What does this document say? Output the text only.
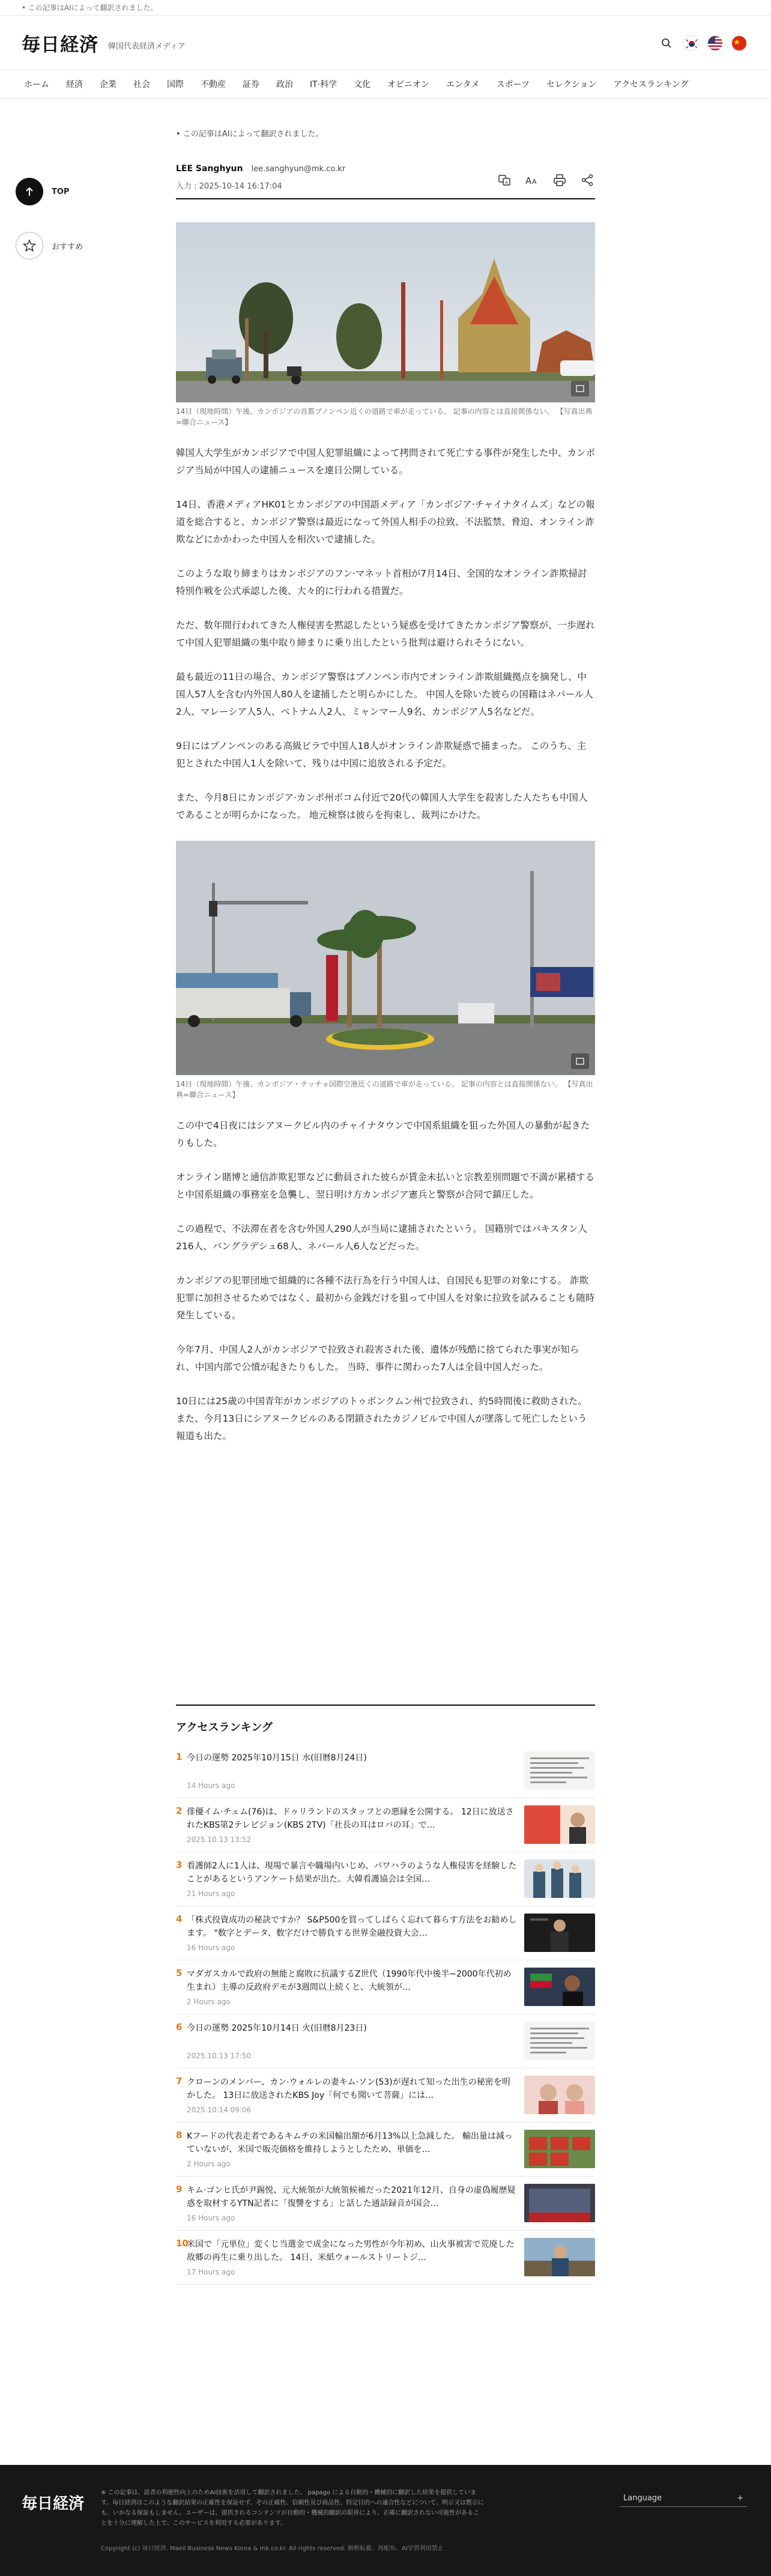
• この記事はAIによって翻訳されました。
毎日経済 韓国代表経済メディア
ホーム 経済 企業 社会 国際 不動産 証券 政治 IT·科学 文化 オピニオン エンタメ スポーツ セレクション アクセスランキング
TOP
おすすめ
• この記事はAIによって翻訳されました。
LEE Sanghyun lee.sanghyun@mk.co.kr
入力 : 2025-10-14 16:17:04	A A A
14日（現地時間）午後、カンボジアの首都プノンペン近くの道路で車が走っている。 記事の内容とは直接関係ない。 【写真出典=聯合ニュース】

韓国人大学生がカンボジアで中国人犯罪組織によって拷問されて死亡する事件が発生した中、カンボジア当局が中国人の逮捕ニュースを連日公開している。

14日、香港メディアHK01とカンボジアの中国語メディア「カンボジア·チャイナタイムズ」などの報道を総合すると、カンボジア警察は最近になって外国人相手の拉致、不法監禁、脅迫、オンライン詐欺などにかかわった中国人を相次いで逮捕した。

このような取り締まりはカンボジアのフン·マネット首相が7月14日、全国的なオンライン詐欺掃討特別作戦を公式承認した後、大々的に行われる措置だ。

ただ、数年間行われてきた人権侵害を黙認したという疑惑を受けてきたカンボジア警察が、一歩遅れて中国人犯罪組織の集中取り締まりに乗り出したという批判は避けられそうにない。

最も最近の11日の場合、カンボジア警察はプノンペン市内でオンライン詐欺組織拠点を摘発し、中国人57人を含む内外国人80人を逮捕したと明らかにした。 中国人を除いた彼らの国籍はネパール人2人、マレーシア人5人、ベトナム人2人、ミャンマー人9名、カンボジア人5名などだ。

9日にはプノンペンのある高級ビラで中国人18人がオンライン詐欺疑惑で捕まった。 このうち、主犯とされた中国人1人を除いて、残りは中国に追放される予定だ。

また、今月8日にカンボジア·カンポ州ボコム付近で20代の韓国人大学生を殺害した人たちも中国人であることが明らかになった。 地元検察は彼らを拘束し、裁判にかけた。

14日（現地時間）午後、カンボジア・テッチョ国際空港近くの道路で車が走っている。 記事の内容とは直接関係ない。 【写真出典=聯合ニュース】

この中で4日夜にはシアヌークビル内のチャイナタウンで中国系組織を狙った外国人の暴動が起きたりもした。

オンライン賭博と通信詐欺犯罪などに動員された彼らが賃金未払いと宗教差別問題で不満が累積すると中国系組織の事務室を急襲し、翌日明け方カンボジア憲兵と警察が合同で鎮圧した。

この過程で、不法滞在者を含む外国人290人が当局に逮捕されたという。 国籍別ではパキスタン人216人、バングラデシュ68人、ネパール人6人などだった。

カンボジアの犯罪団地で組織的に各種不法行為を行う中国人は、自国民も犯罪の対象にする。 詐欺犯罪に加担させるためではなく、最初から金銭だけを狙って中国人を対象に拉致を試みることも随時発生している。

今年7月、中国人2人がカンボジアで拉致され殺害された後、遺体が残酷に捨てられた事実が知られ、中国内部で公憤が起きたりもした。 当時、事件に関わった7人は全員中国人だった。

10日には25歳の中国青年がカンボジアのトゥボンクムン州で拉致され、約5時間後に救助された。 また、今月13日にシアヌークビルのある閉鎖されたカジノビルで中国人が墜落して死亡したという報道も出た。

アクセスランキング
1 今日の運勢 2025年10月15日 水(旧暦8月24日)
14 Hours ago
2 俳優イム·チェム(76)は、ドゥリランドのスタッフとの悪縁を公開する。 12日に放送されたKBS第2テレビジョン(KBS 2TV)「社長の耳はロバの耳」で…
2025.10.13 13:52
3 看護師2人に1人は、現場で暴言や職場内いじめ、パワハラのような人権侵害を経験したことがあるというアンケート結果が出た。大韓看護協会は全国…
21 Hours ago
4 「株式投資成功の秘訣ですか？ S&P500を買ってしばらく忘れて暮らす方法をお勧めします。 "数字とデータ、数字だけで勝負する世界金融投資大会…
16 Hours ago
5 マダガスカルで政府の無能と腐敗に抗議するZ世代（1990年代中後半~2000年代初め生まれ）主導の反政府デモが3週間以上続くと、大統領が…
2 Hours ago
6 今日の運勢 2025年10月14日 火(旧暦8月23日)
2025.10.13 17:50
7 クローンのメンバー、カン·ウォルレの妻キム·ソン(53)が遅れて知った出生の秘密を明かした。 13日に放送されたKBS Joy「何でも聞いて菩薩」には…
2025.10.14 09:06
8 Kフードの代表走者であるキムチの米国輸出額が6月13%以上急減した。 輸出量は減っていないが、米国で販売価格を維持しようとしたため、単価を…
2 Hours ago
9 キム·ゴンヒ氏が尹錫悦、元大統領が大統領候補だった2021年12月、自身の虚偽履歴疑惑を取材するYTN記者に「復讐をする」と話した通話録音が国会…
16 Hours ago
10
米国で「元単位」変くじ当選金で成金になった男性が今年初め、山火事被害で荒廃した故郷の再生に乗り出した。 14日、米紙ウォールストリートジ…
17 Hours ago
毎日経済
※ この記事は、読者の利便性向上のためAI技術を活用して翻訳されました。 papago による自動的・機械的に翻訳した結果を提供しています。毎日経済はこのような翻訳結果の正確性を保証せず、その正確性、信頼性及び商品性、特定目的への適合性などについて、明示又は黙示にも、いかなる保証もしません。ユーザーは、提供されるコンテンツが自動的・機械的翻訳の限界により、正確に翻訳されない可能性があることを十分に理解した上で、このサービスを利用する必要があります。
Copyright (c) 毎日経済. Maeil Business News Korea & mk.co.kr. All rights reserved. 無断転載、再配布、AI学習利用禁止
Language	+
